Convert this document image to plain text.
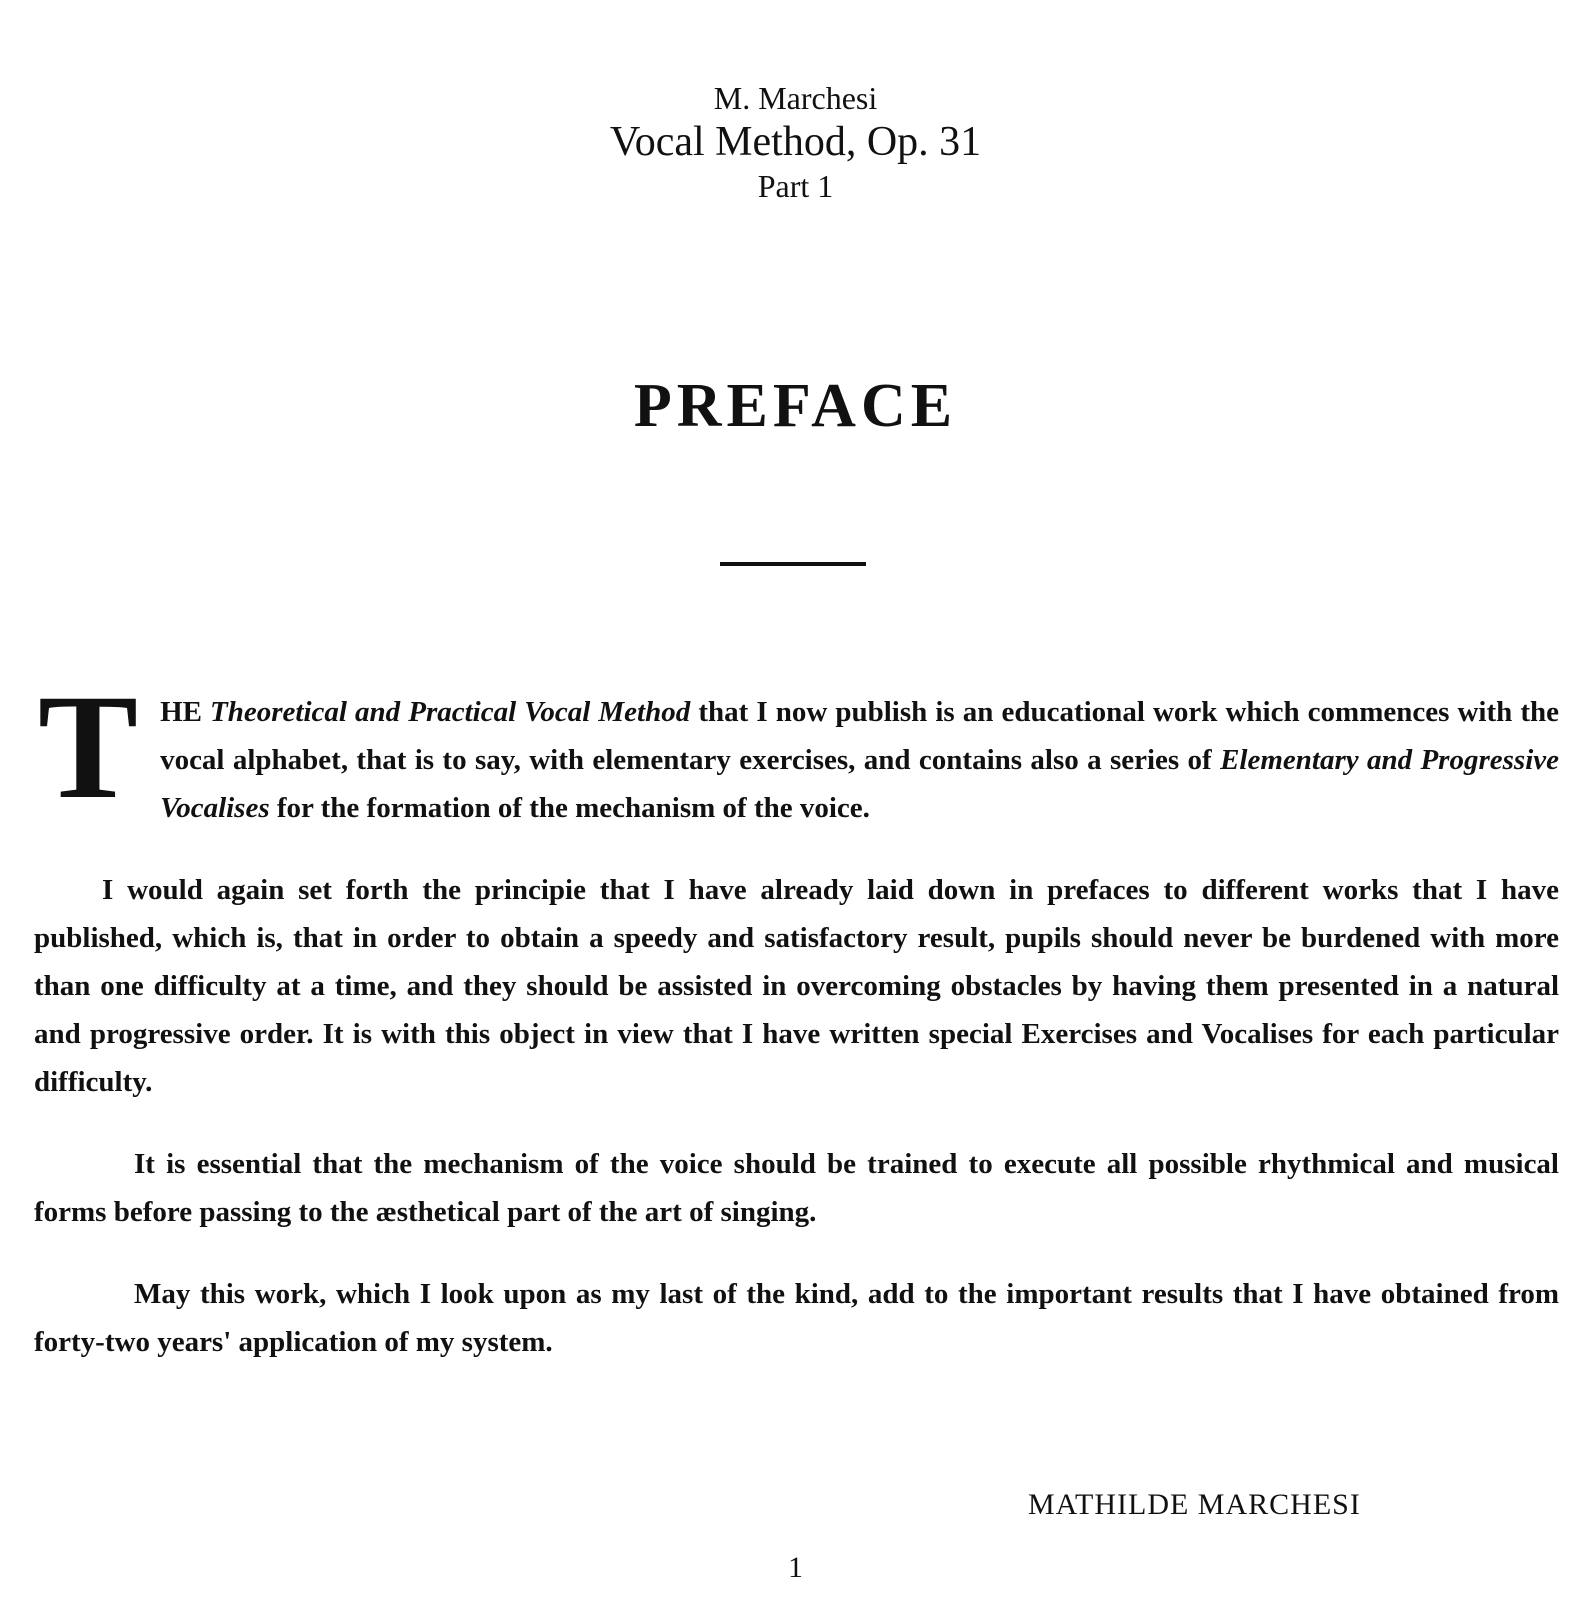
M. Marchesi
Vocal Method, Op. 31
Part 1
PREFACE

THE Theoretical and Practical Vocal Method that I now publish is an educational work which commences with the vocal alphabet, that is to say, with elementary exercises, and contains also a series of Elementary and Progressive Vocalises for the formation of the mechanism of the voice.

I would again set forth the principie that I have already laid down in prefaces to different works that I have published, which is, that in order to obtain a speedy and satisfactory result, pupils should never be burdened with more than one difficulty at a time, and they should be assisted in overcoming obstacles by having them presented in a natural and progressive order. It is with this object in view that I have written special Exercises and Vocalises for each particular difficulty.

It is essential that the mechanism of the voice should be trained to execute all possible rhythmical and musical forms before passing to the æsthetical part of the art of singing.

May this work, which I look upon as my last of the kind, add to the important results that I have obtained from forty-two years' application of my system.

MATHILDE MARCHESI
1
